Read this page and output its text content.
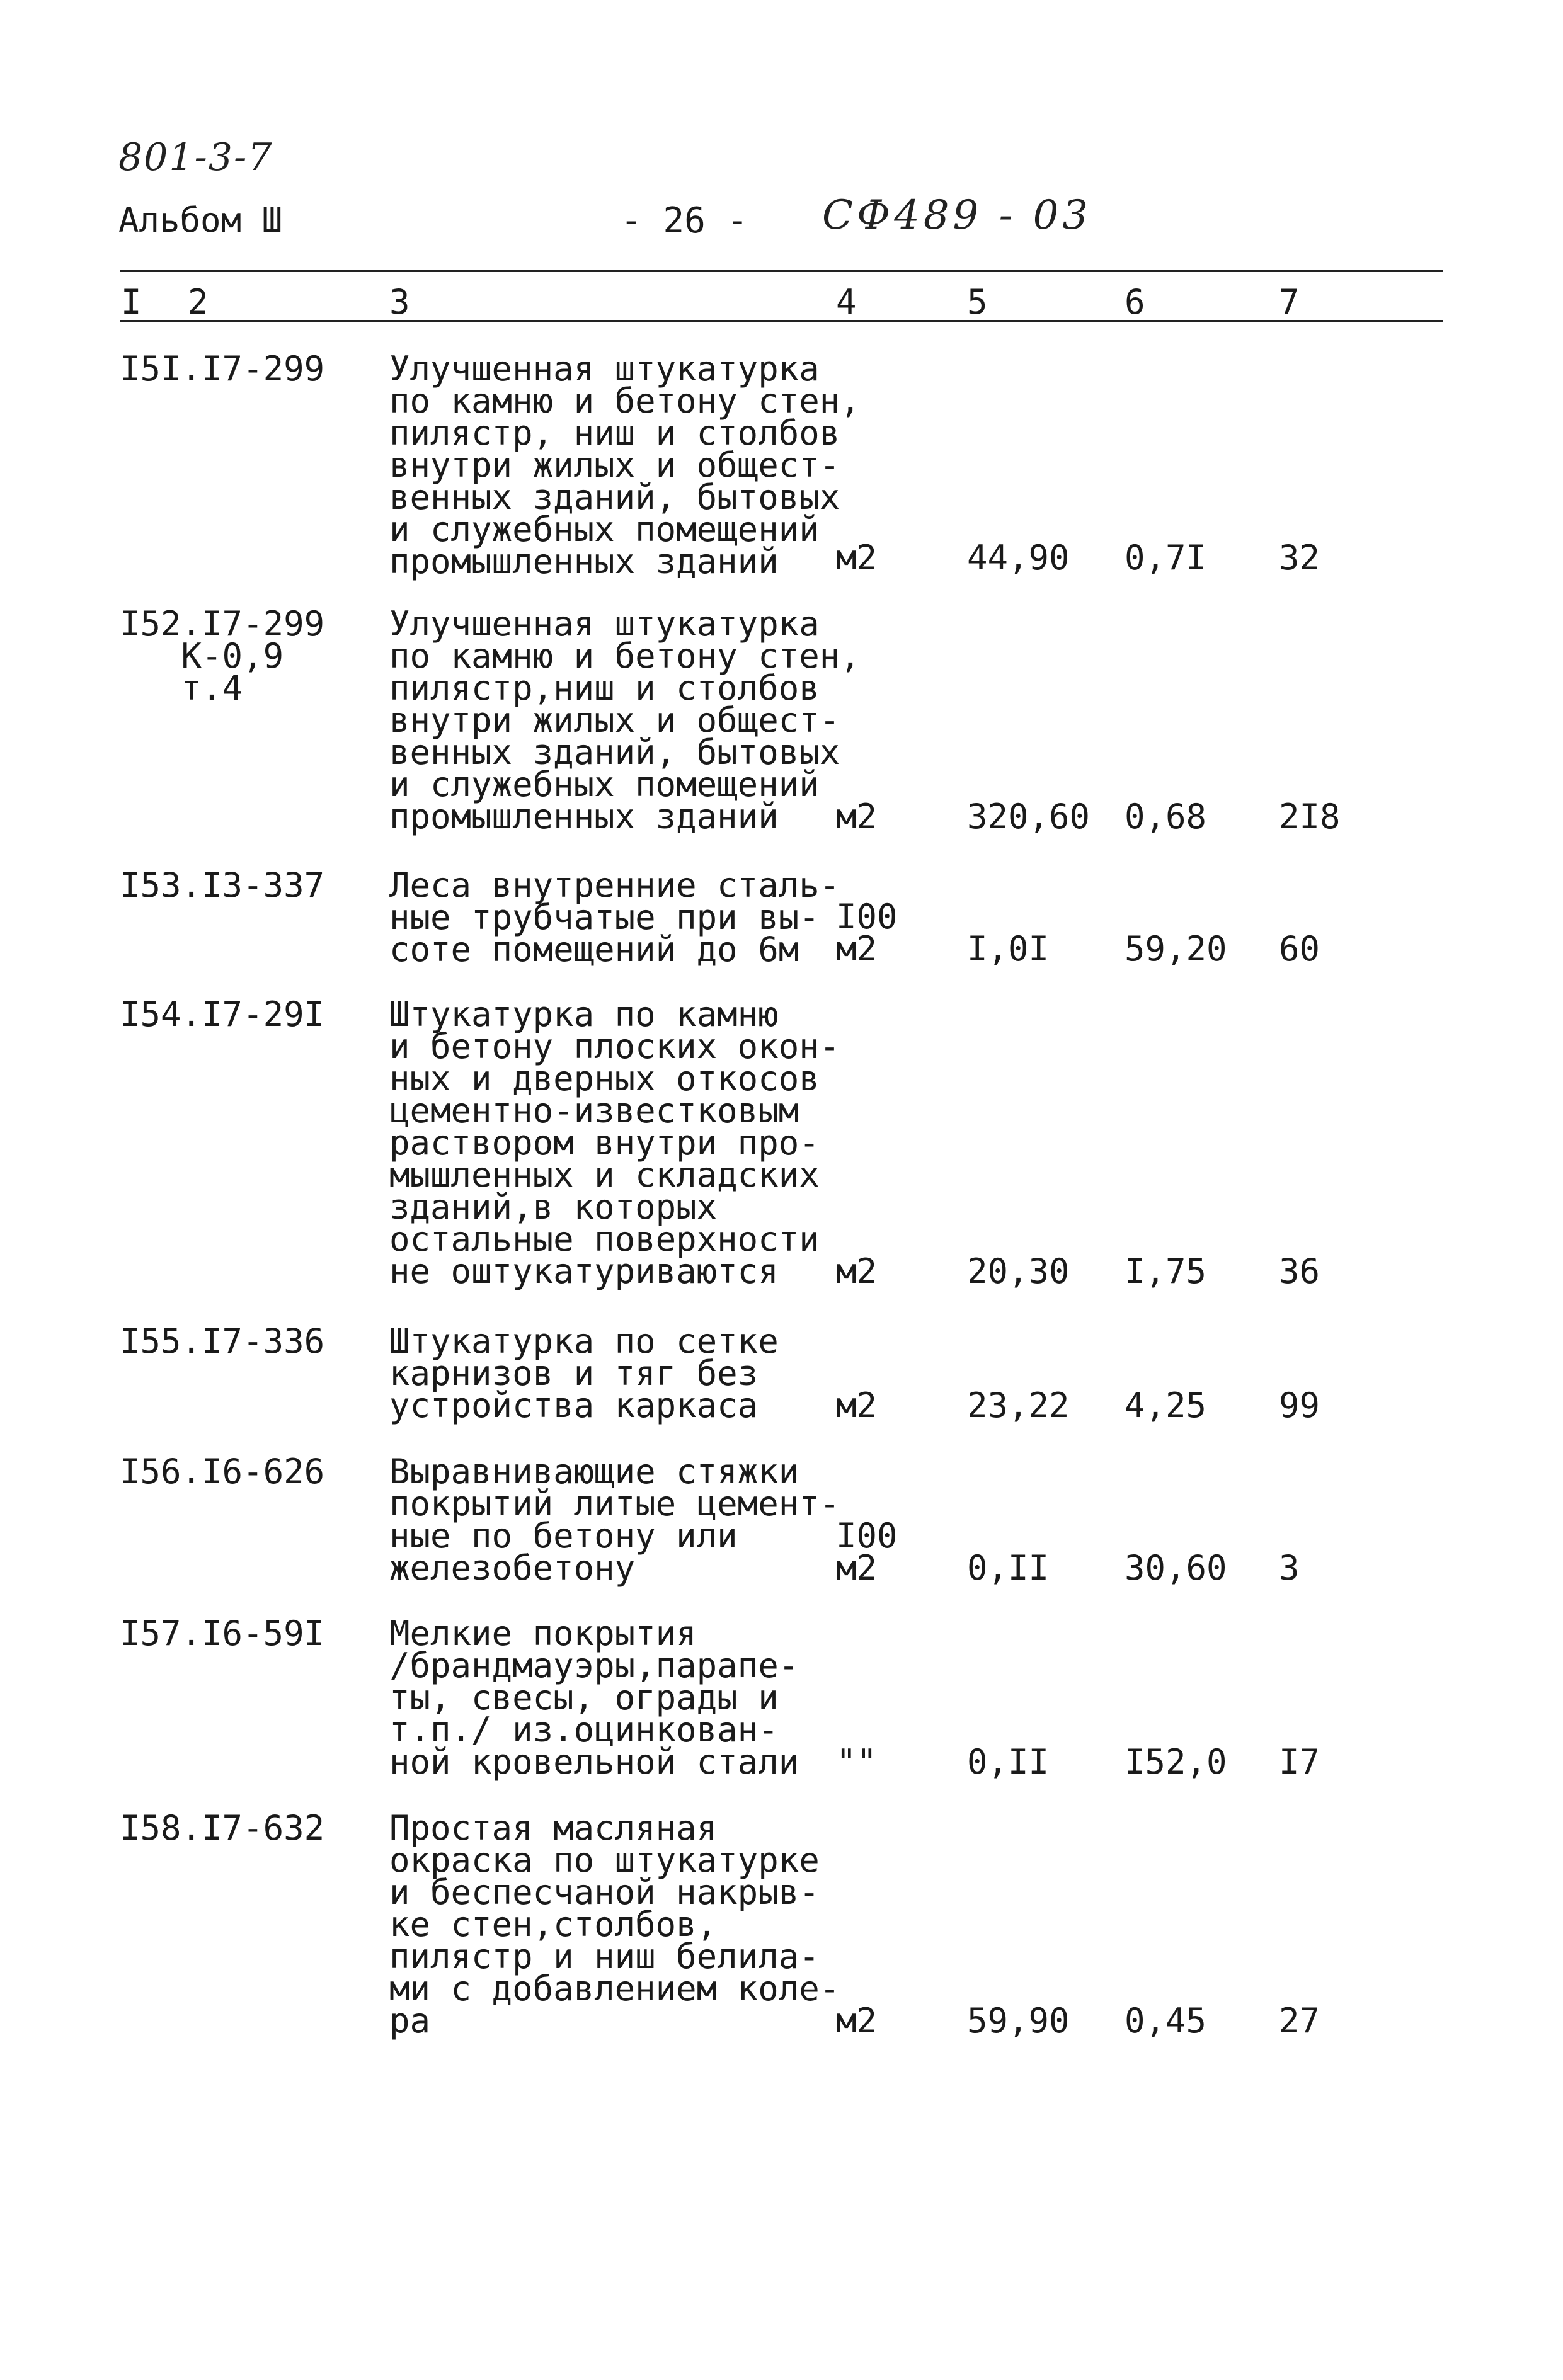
801-3-7
Альбом Ш	- 26 - СФ489 - 03
I 2	3	4	5	6	7
I5I.I7-299 Улучшенная штукатурка
по камню и бетону стен,
пилястр, ниш и столбов
внутри жилых и общест-
венных зданий, бытовых
и служебных помещений
промышленных зданий	м2	44,90 0,7I 32
I52.I7-299
К-0,9
т.4
Улучшенная штукатурка
по камню и бетону стен,
пилястр,ниш и столбов
внутри жилых и общест-
венных зданий, бытовых
и служебных помещений
промышленных зданий	м2	320,60 0,68 2I8
I53.I3-337 Леса внутренние сталь-
ные трубчатые при вы-
соте помещений до 6м
I00
м2	I,0I 59,20 60
I54.I7-29I Штукатурка по камню
и бетону плоских окон-
ных и дверных откосов
цементно-известковым
раствором внутри про-
мышленных и складских
зданий,в которых
остальные поверхности
не оштукатуриваются	м2	20,30 I,75 36
I55.I7-336 Штукатурка по сетке
карнизов и тяг без
устройства каркаса	м2	23,22 4,25 99
I56.I6-626 Выравнивающие стяжки
покрытий литые цемент-
ные по бетону или
железобетону
I00
м2	0,II 30,60 3
I57.I6-59I Мелкие покрытия
/брандмауэры,парапе-
ты, свесы, ограды и
т.п./ из.оцинкован-
ной кровельной стали ""	0,II I52,0 I7
I58.I7-632 Простая масляная
окраска по штукатурке
и беспесчаной накрыв-
ке стен,столбов,
пилястр и ниш белила-
ми с добавлением коле-
ра	м2	59,90 0,45 27
